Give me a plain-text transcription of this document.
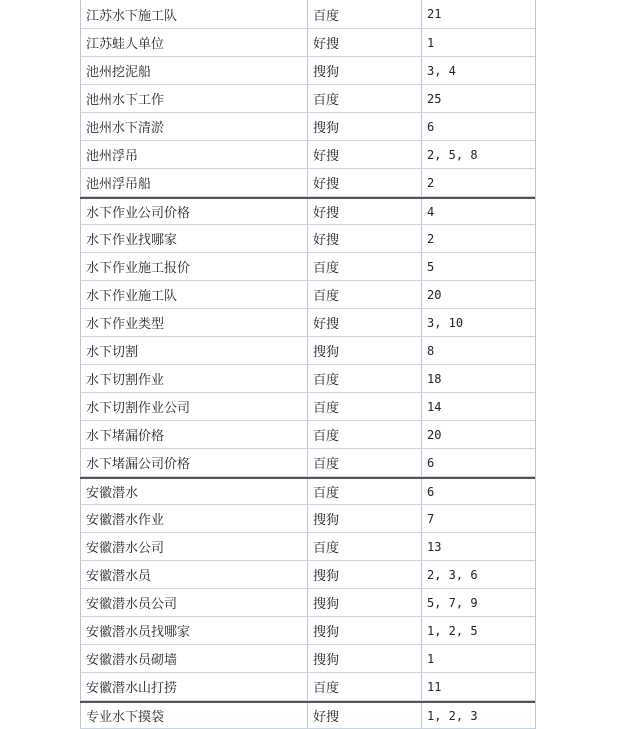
江苏水下施工队	百度	21
江苏蛙人单位	好搜	1
池州挖泥船	搜狗	3, 4
池州水下工作	百度	25
池州水下清淤	搜狗	6
池州浮吊	好搜	2, 5, 8
池州浮吊船	好搜	2
水下作业公司价格	好搜	4
水下作业找哪家	好搜	2
水下作业施工报价	百度	5
水下作业施工队	百度	20
水下作业类型	好搜	3, 10
水下切割	搜狗	8
水下切割作业	百度	18
水下切割作业公司	百度	14
水下堵漏价格	百度	20
水下堵漏公司价格	百度	6
安徽潜水	百度	6
安徽潜水作业	搜狗	7
安徽潜水公司	百度	13
安徽潜水员	搜狗	2, 3, 6
安徽潜水员公司	搜狗	5, 7, 9
安徽潜水员找哪家	搜狗	1, 2, 5
安徽潜水员砌墙	搜狗	1
安徽潜水山打捞	百度	11
专业水下摸袋	好搜	1, 2, 3
